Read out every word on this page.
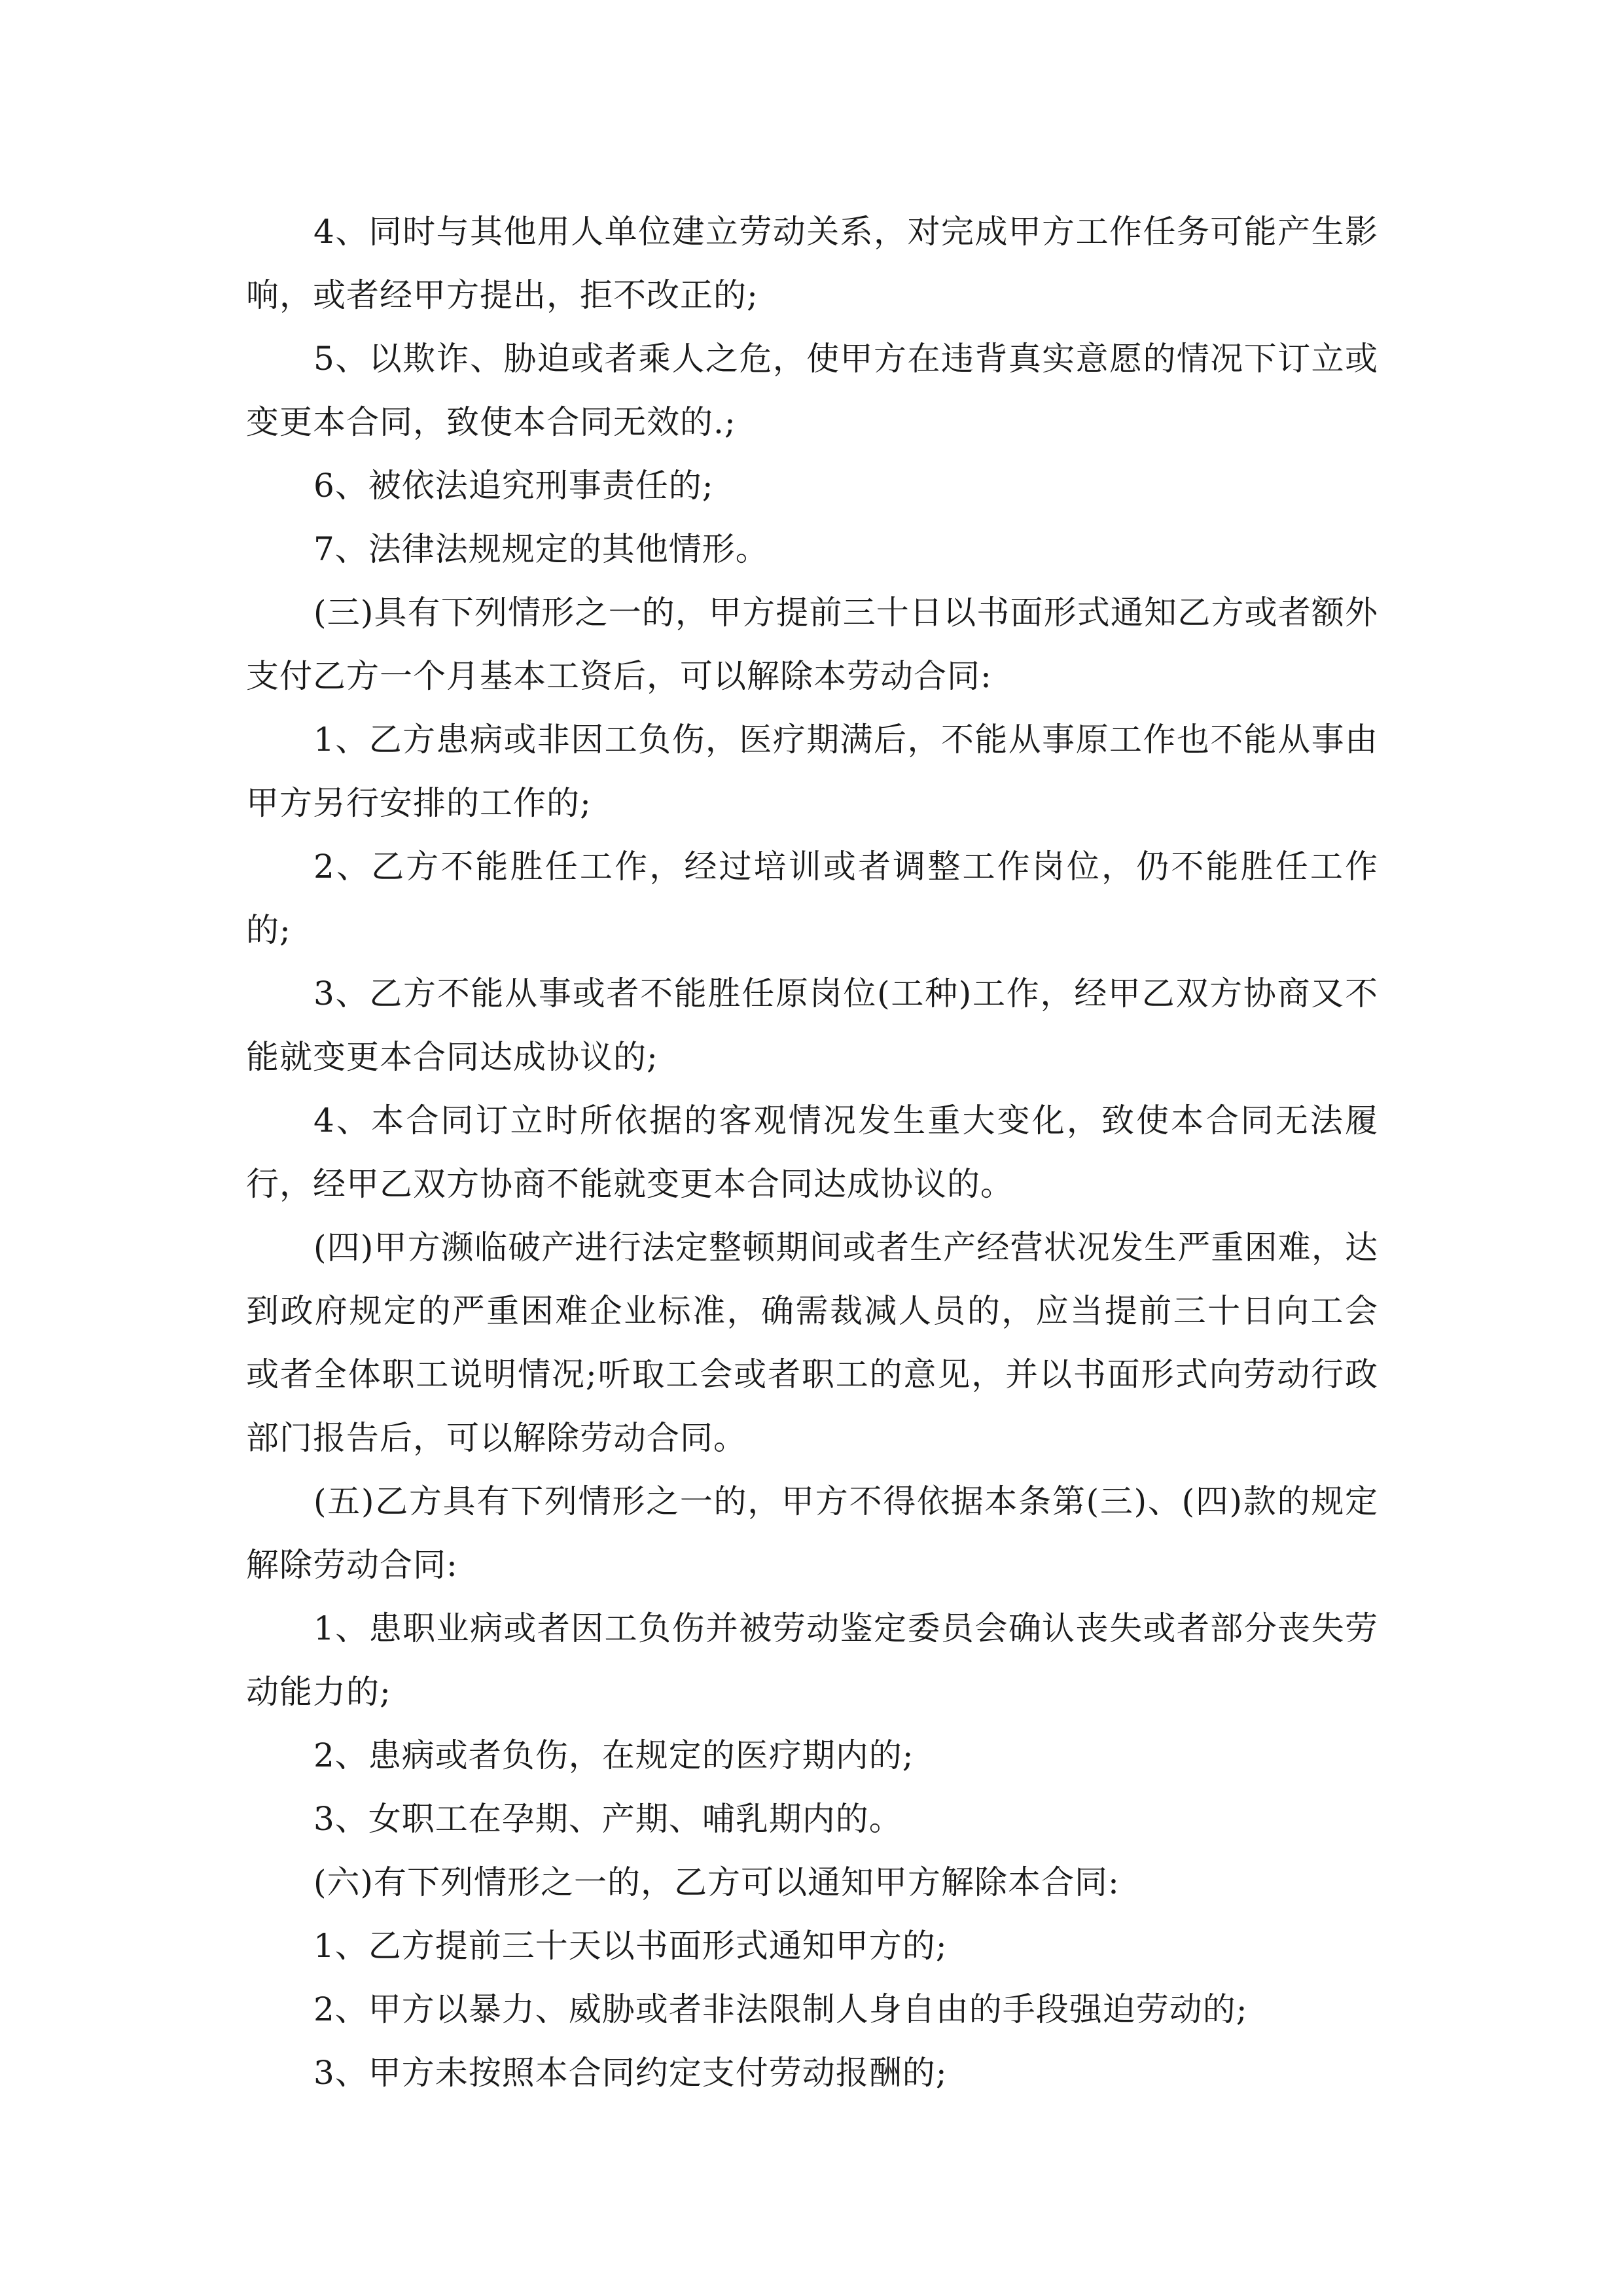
4、同时与其他用人单位建立劳动关系，对完成甲方工作任务可能产生影响，或者经甲方提出，拒不改正的;

5、以欺诈、胁迫或者乘人之危，使甲方在违背真实意愿的情况下订立或变更本合同，致使本合同无效的.;

6、被依法追究刑事责任的;

7、法律法规规定的其他情形。

(三)具有下列情形之一的，甲方提前三十日以书面形式通知乙方或者额外支付乙方一个月基本工资后，可以解除本劳动合同:

1、乙方患病或非因工负伤，医疗期满后，不能从事原工作也不能从事由甲方另行安排的工作的;

2、乙方不能胜任工作，经过培训或者调整工作岗位，仍不能胜任工作的;

3、乙方不能从事或者不能胜任原岗位(工种)工作，经甲乙双方协商又不能就变更本合同达成协议的;

4、本合同订立时所依据的客观情况发生重大变化，致使本合同无法履行，经甲乙双方协商不能就变更本合同达成协议的。

(四)甲方濒临破产进行法定整顿期间或者生产经营状况发生严重困难，达到政府规定的严重困难企业标准，确需裁减人员的，应当提前三十日向工会或者全体职工说明情况;听取工会或者职工的意见，并以书面形式向劳动行政部门报告后，可以解除劳动合同。

(五)乙方具有下列情形之一的，甲方不得依据本条第(三)、(四)款的规定解除劳动合同:

1、患职业病或者因工负伤并被劳动鉴定委员会确认丧失或者部分丧失劳动能力的;

2、患病或者负伤，在规定的医疗期内的;

3、女职工在孕期、产期、哺乳期内的。

(六)有下列情形之一的，乙方可以通知甲方解除本合同:

1、乙方提前三十天以书面形式通知甲方的;

2、甲方以暴力、威胁或者非法限制人身自由的手段强迫劳动的;

3、甲方未按照本合同约定支付劳动报酬的;
